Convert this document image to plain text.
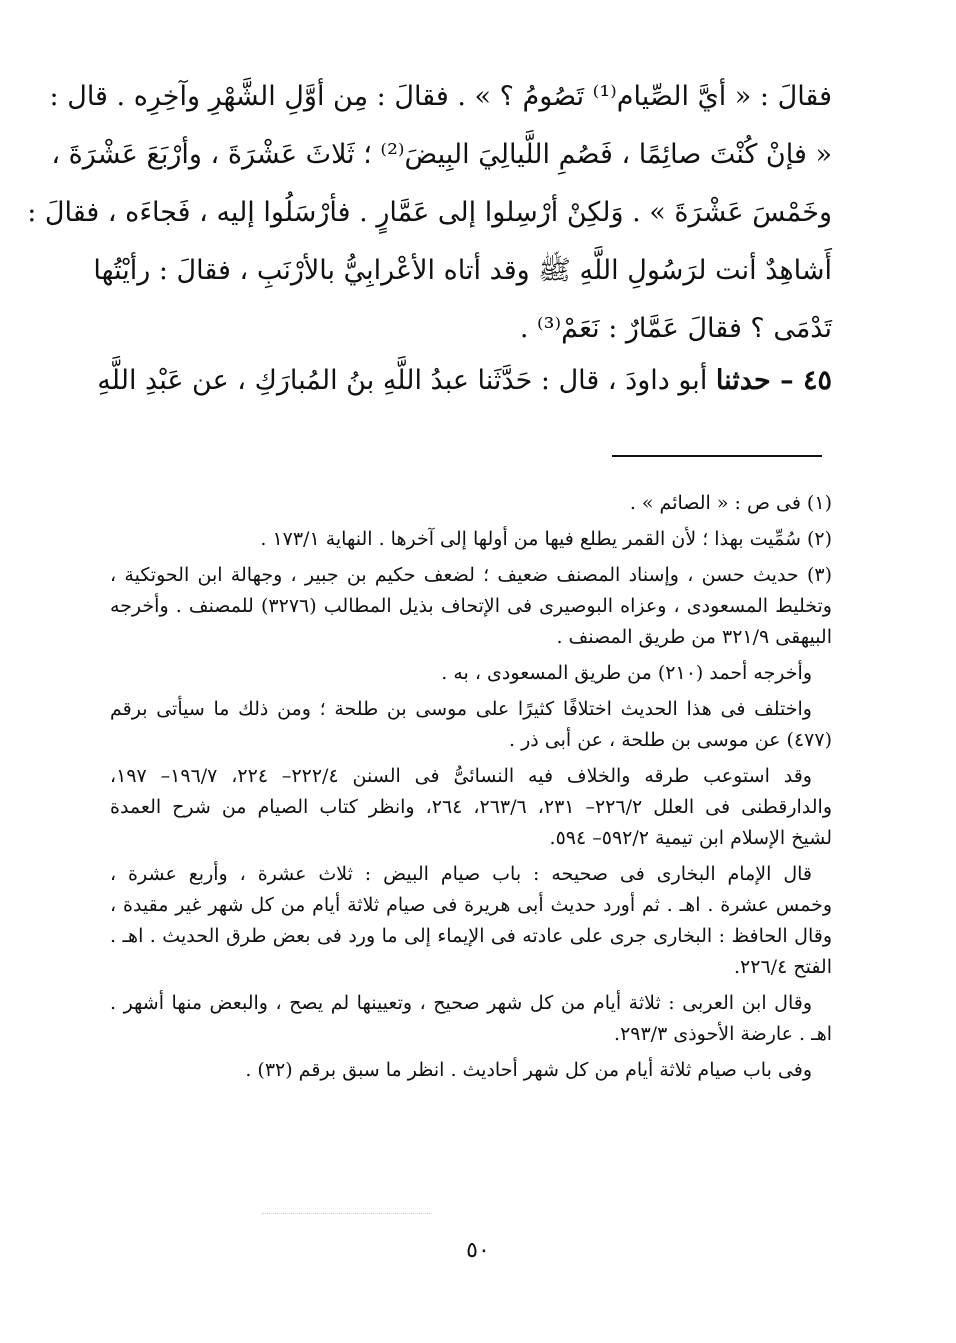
فقالَ : « أيَّ الصِّيام⁽¹⁾ تَصُومُ ؟ » . فقالَ : مِن أوَّلِ الشَّهْرِ وآخِرِه . قال :
« فإنْ كُنْتَ صائِمًا ، فَصُمِ اللَّيالِيَ البِيضَ⁽²⁾ ؛ ثَلاثَ عَشْرَةَ ، وأرْبَعَ عَشْرَةَ ،
وخَمْسَ عَشْرَةَ » . وَلكِنْ أرْسِلوا إلى عَمَّارٍ . فأرْسَلُوا إليه ، فَجاءَه ، فقالَ :
أَشاهِدٌ أنت لرَسُولِ اللَّهِ ﷺ وقد أتاه الأعْرابِيُّ بالأرْنَبِ ، فقالَ : رأيْتُها
تَدْمَى ؟ فقالَ عَمَّارٌ : نَعَمْ⁽³⁾ .
٤٥ – حدثنا أبو داودَ ، قال : حَدَّثَنا عبدُ اللَّهِ بنُ المُبارَكِ ، عن عَبْدِ اللَّهِ
(١) فى ص : « الصائم » .
(٢) سُمِّيت بهذا ؛ لأن القمر يطلع فيها من أولها إلى آخرها . النهاية ١٧٣/١ .
(٣) حديث حسن ، وإسناد المصنف ضعيف ؛ لضعف حكيم بن جبير ، وجهالة ابن الحوتكية ،
وتخليط المسعودى ، وعزاه البوصيرى فى الإتحاف بذيل المطالب (٣٢٧٦) للمصنف . وأخرجه
البيهقى ٣٢١/٩ من طريق المصنف .
وأخرجه أحمد (٢١٠) من طريق المسعودى ، به .
واختلف فى هذا الحديث اختلافًا كثيرًا على موسى بن طلحة ؛ ومن ذلك ما سيأتى برقم
(٤٧٧) عن موسى بن طلحة ، عن أبى ذر .
وقد استوعب طرقه والخلاف فيه النسائىُّ فى السنن ٢٢٢/٤– ٢٢٤، ١٩٦/٧– ١٩٧،
والدارقطنى فى العلل ٢٢٦/٢– ٢٣١، ٢٦٣/٦، ٢٦٤، وانظر كتاب الصيام من شرح العمدة
لشيخ الإسلام ابن تيمية ٥٩٢/٢– ٥٩٤.
قال الإمام البخارى فى صحيحه : باب صيام البيض : ثلاث عشرة ، وأربع عشرة ،
وخمس عشرة . اهـ . ثم أورد حديث أبى هريرة فى صيام ثلاثة أيام من كل شهر غير مقيدة ،
وقال الحافظ : البخارى جرى على عادته فى الإيماء إلى ما ورد فى بعض طرق الحديث . اهـ .
الفتح ٢٢٦/٤.
وقال ابن العربى : ثلاثة أيام من كل شهر صحيح ، وتعيينها لم يصح ، والبعض منها أشهر .
اهـ . عارضة الأحوذى ٢٩٣/٣.
وفى باب صيام ثلاثة أيام من كل شهر أحاديث . انظر ما سبق برقم (٣٢) .
٥٠
